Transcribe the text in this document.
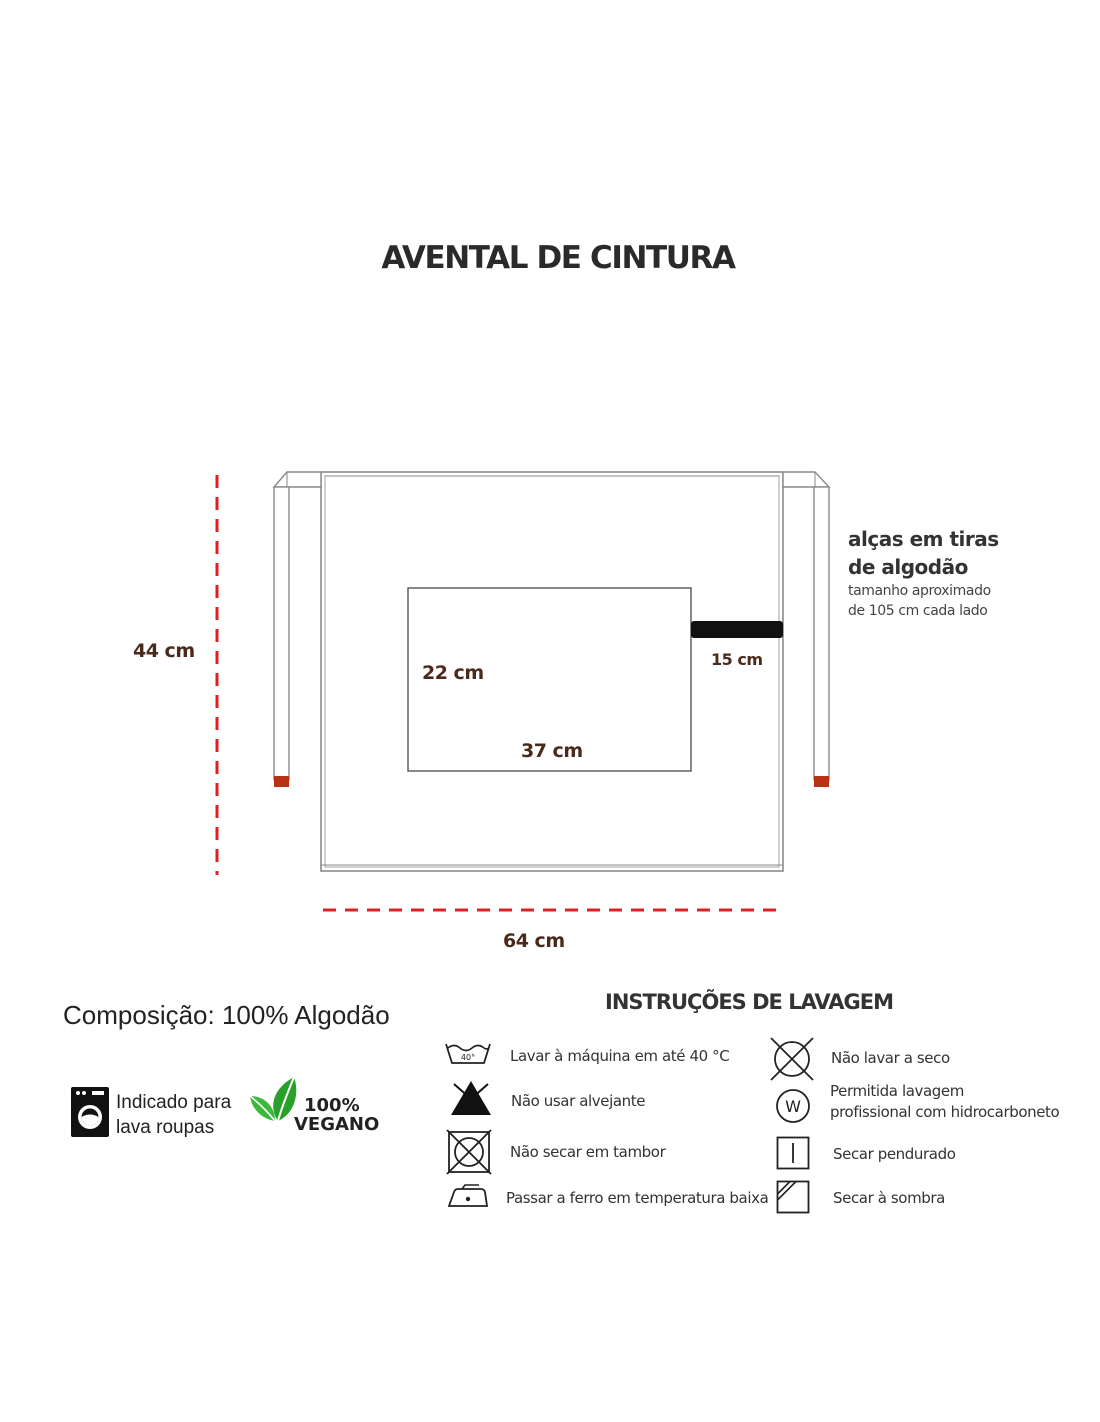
AVENTAL DE CINTURA
44 cm
64 cm
22 cm
37 cm
15 cm
alças em tiras
de algodão
tamanho aproximado
de 105 cm cada lado
Composição: 100% Algodão
Indicado para
lava roupas
100%
VEGANO
INSTRUÇÕES DE LAVAGEM
40° Lavar à máquina em até 40 °C
Não usar alvejante
Não secar em tambor
Passar a ferro em temperatura baixa
Não lavar a seco
W
Permitida lavagem
profissional com hidrocarboneto
Secar pendurado
Secar à sombra
